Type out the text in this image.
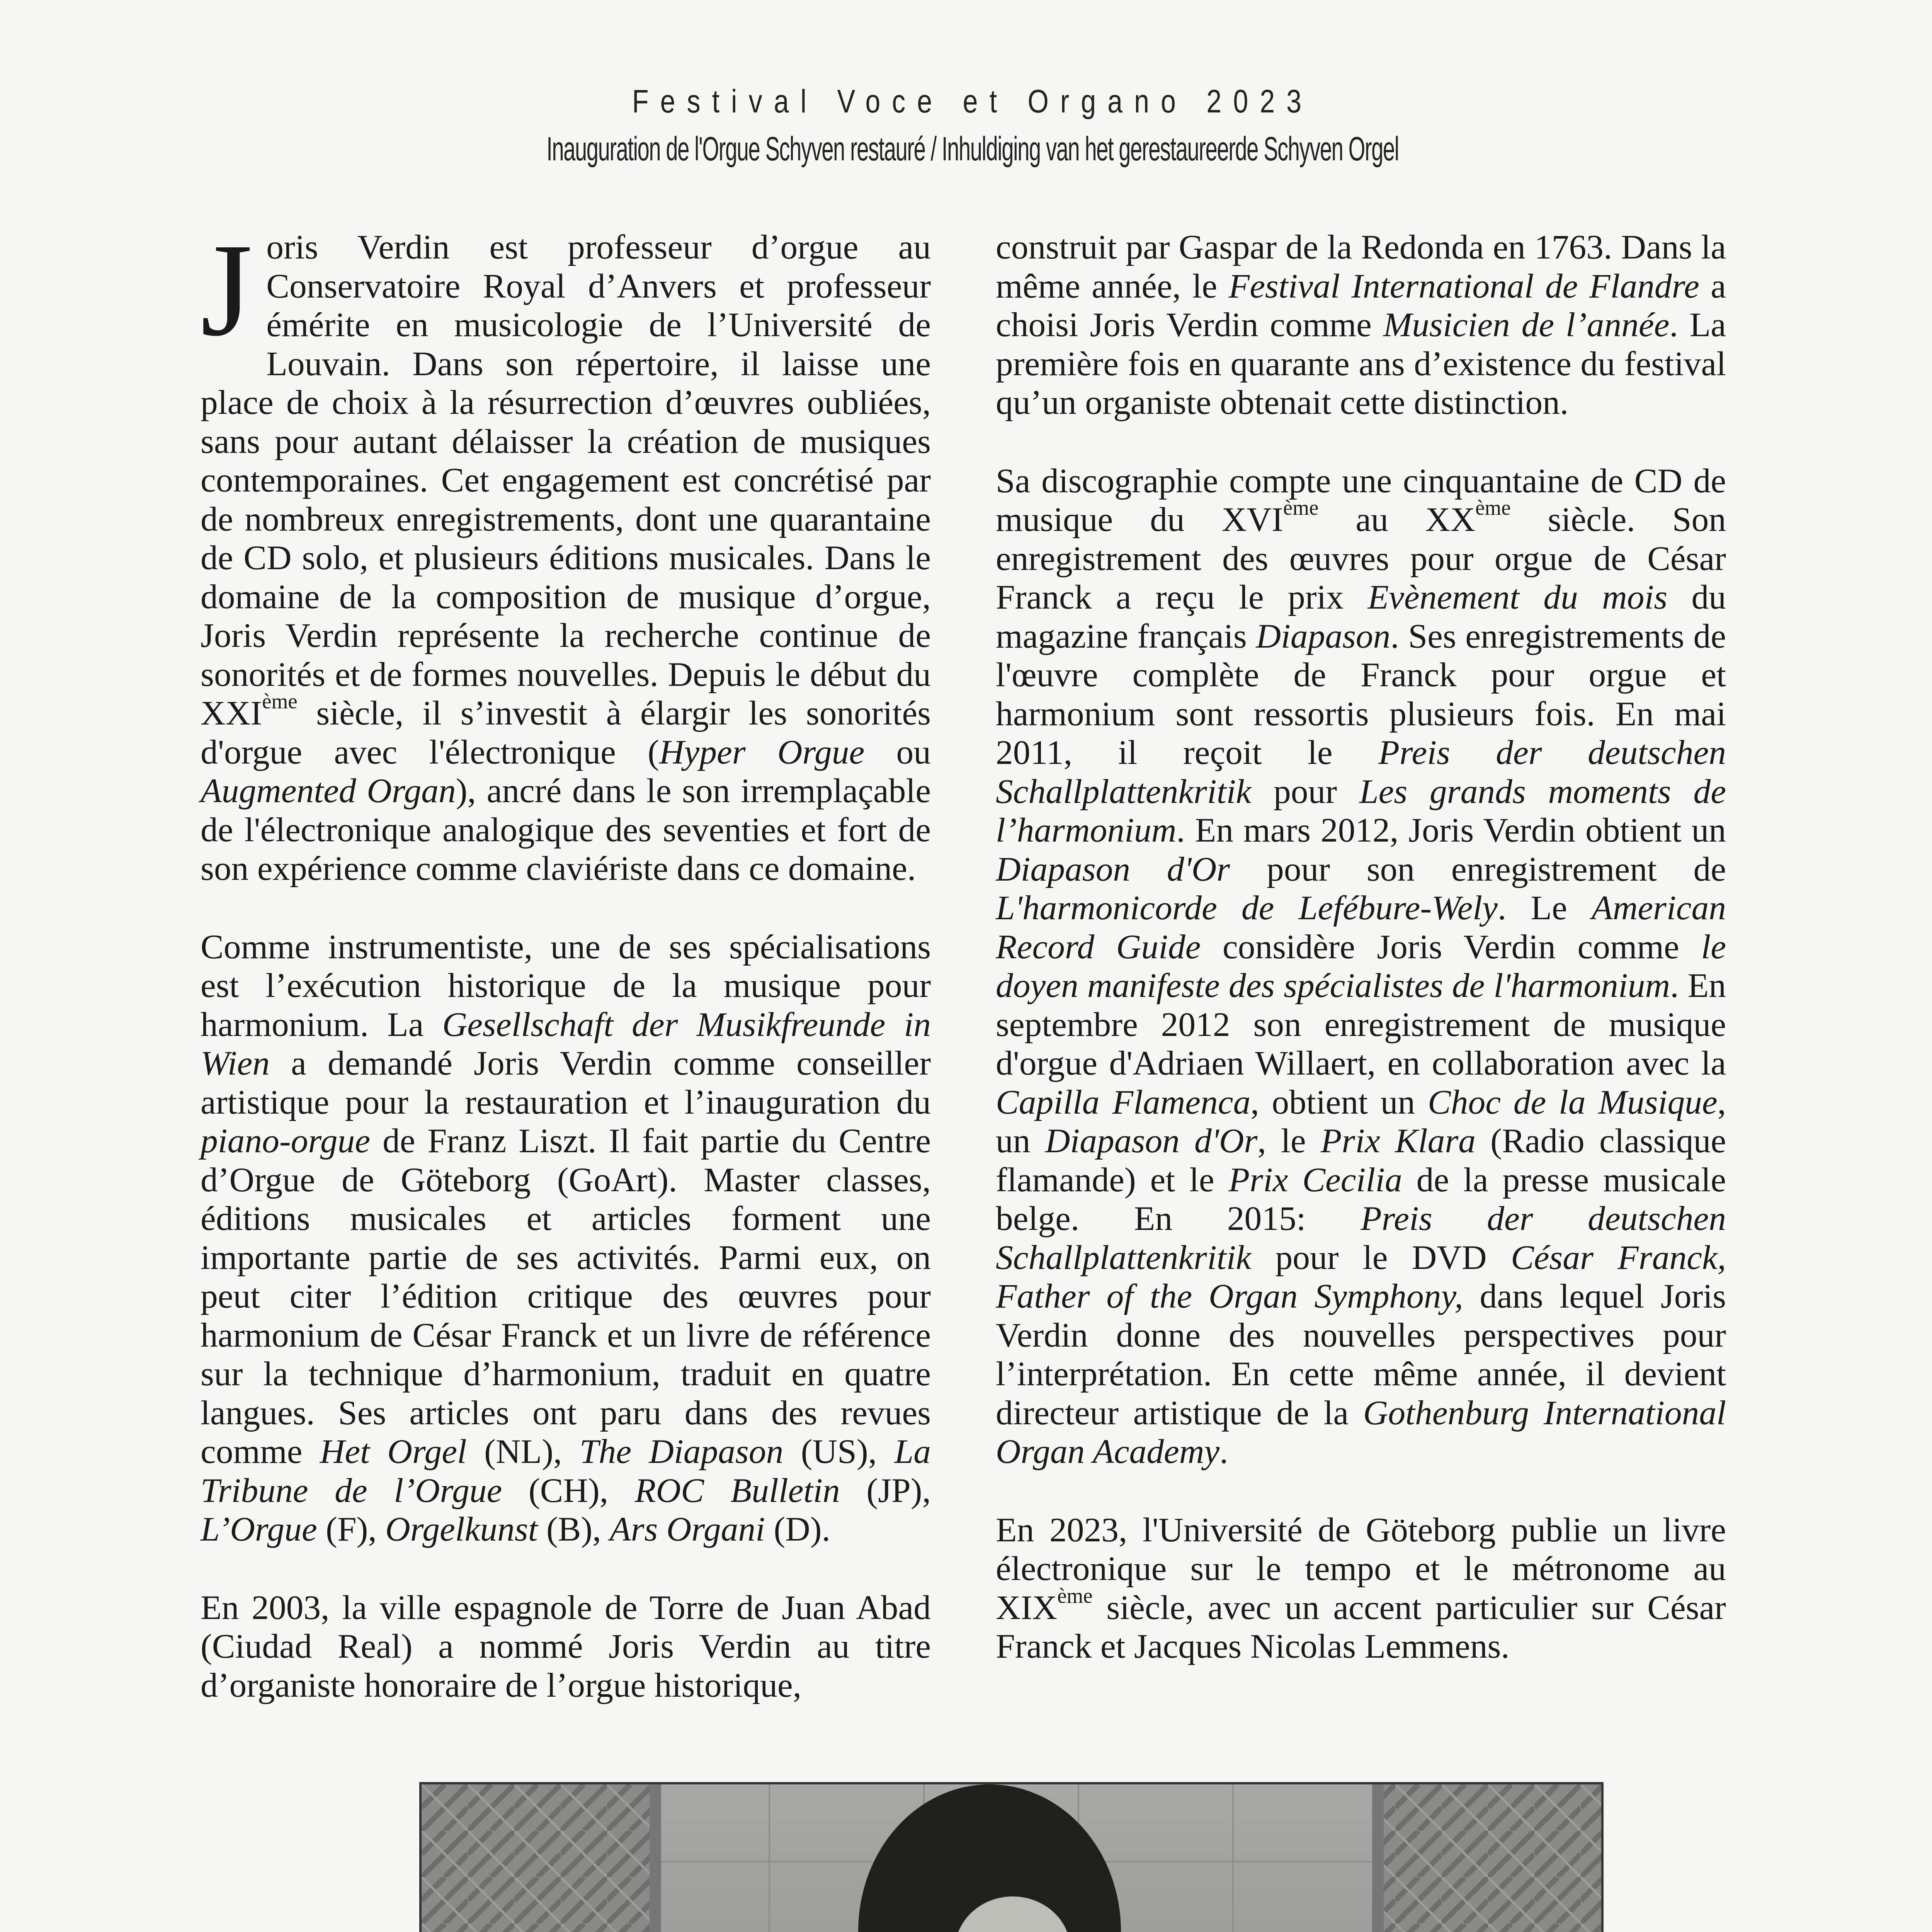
Festival Voce et Organo 2023
Inauguration de l'Orgue Schyven restauré / Inhuldiging van het gerestaureerde Schyven Orgel

Joris Verdin est professeur d’orgue au Conservatoire Royal d’Anvers et professeur émérite en musicologie de l’Université de Louvain. Dans son répertoire, il laisse une place de choix à la résurrection d’œuvres oubliées, sans pour autant délaisser la création de musiques contemporaines. Cet engagement est concrétisé par de nombreux enregistrements, dont une quarantaine de CD solo, et plusieurs éditions musicales. Dans le domaine de la composition de musique d’orgue, Joris Verdin représente la recherche continue de sonorités et de formes nouvelles. Depuis le début du XXIème siècle, il s’investit à élargir les sonorités d'orgue avec l'électronique (Hyper Orgue ou Augmented Organ), ancré dans le son irremplaçable de l'électronique analogique des seventies et fort de son expérience comme claviériste dans ce domaine.

Comme instrumentiste, une de ses spécialisations est l’exécution historique de la musique pour harmonium. La Gesellschaft der Musikfreunde in Wien a demandé Joris Verdin comme conseiller artistique pour la restauration et l’inauguration du piano-orgue de Franz Liszt. Il fait partie du Centre d’Orgue de Göteborg (GoArt). Master classes, éditions musicales et articles forment une importante partie de ses activités. Parmi eux, on peut citer l’édition critique des œuvres pour harmonium de César Franck et un livre de référence sur la technique d’harmonium, traduit en quatre langues. Ses articles ont paru dans des revues comme Het Orgel (NL), The Diapason (US), La Tribune de l’Orgue (CH), ROC Bulletin (JP), L’Orgue (F), Orgelkunst (B), Ars Organi (D).

En 2003, la ville espagnole de Torre de Juan Abad (Ciudad Real) a nommé Joris Verdin au titre d’organiste honoraire de l’orgue historique,

construit par Gaspar de la Redonda en 1763. Dans la même année, le Festival International de Flandre a choisi Joris Verdin comme Musicien de l’année. La première fois en quarante ans d’existence du festival qu’un organiste obtenait cette distinction.

Sa discographie compte une cinquantaine de CD de musique du XVIème au XXème siècle. Son enregistrement des œuvres pour orgue de César Franck a reçu le prix Evènement du mois du magazine français Diapason. Ses enregistrements de l'œuvre complète de Franck pour orgue et harmonium sont ressortis plusieurs fois. En mai 2011, il reçoit le Preis der deutschen Schallplattenkritik pour Les grands moments de l’harmonium. En mars 2012, Joris Verdin obtient un Diapason d'Or pour son enregistrement de L'harmonicorde de Lefébure-Wely. Le American Record Guide considère Joris Verdin comme le doyen manifeste des spécialistes de l'harmonium. En septembre 2012 son enregistrement de musique d'orgue d'Adriaen Willaert, en collaboration avec la Capilla Flamenca, obtient un Choc de la Musique, un Diapason d'Or, le Prix Klara (Radio classique flamande) et le Prix Cecilia de la presse musicale belge. En 2015: Preis der deutschen Schallplattenkritik pour le DVD César Franck, Father of the Organ Symphony, dans lequel Joris Verdin donne des nouvelles perspectives pour l’interprétation. En cette même année, il devient directeur artistique de la Gothenburg International Organ Academy.

En 2023, l'Université de Göteborg publie un livre électronique sur le tempo et le métronome au XIXème siècle, avec un accent particulier sur César Franck et Jacques Nicolas Lemmens.
